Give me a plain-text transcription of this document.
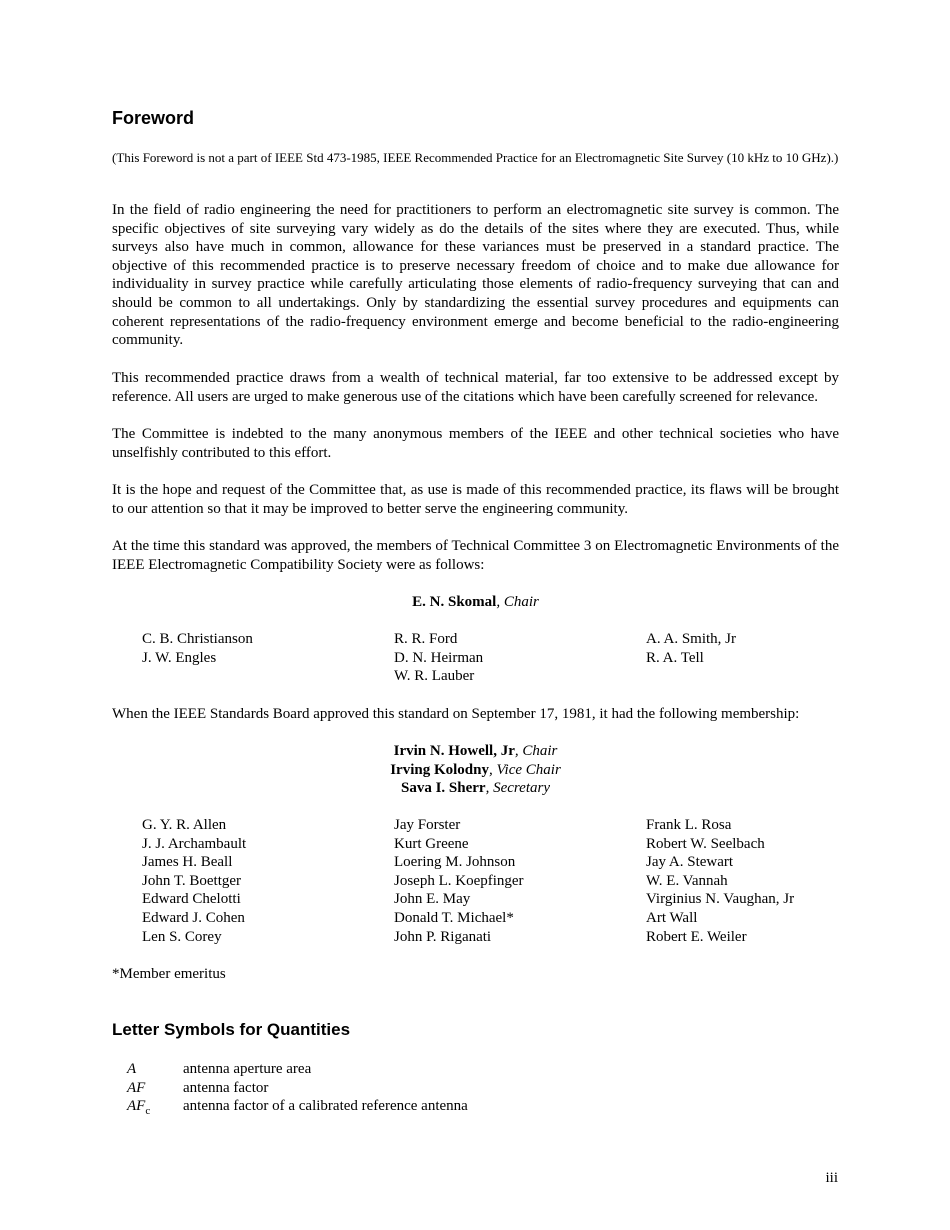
Foreword
(This Foreword is not a part of IEEE Std 473-1985, IEEE Recommended Practice for an Electromagnetic Site Survey (10 kHz to 10 GHz).)

In the field of radio engineering the need for practitioners to perform an electromagnetic site survey is common. The specific objectives of site surveying vary widely as do the details of the sites where they are executed. Thus, while surveys also have much in common, allowance for these variances must be preserved in a standard practice. The objective of this recommended practice is to preserve necessary freedom of choice and to make due allowance for individuality in survey practice while carefully articulating those elements of radio-frequency surveying that can and should be common to all undertakings. Only by standardizing the essential survey procedures and equipments can coherent representations of the radio-frequency environment emerge and become beneficial to the radio-engineering community.

This recommended practice draws from a wealth of technical material, far too extensive to be addressed except by reference. All users are urged to make generous use of the citations which have been carefully screened for relevance.

The Committee is indebted to the many anonymous members of the IEEE and other technical societies who have unselfishly contributed to this effort.

It is the hope and request of the Committee that, as use is made of this recommended practice, its flaws will be brought to our attention so that it may be improved to better serve the engineering community.

At the time this standard was approved, the members of Technical Committee 3 on Electromagnetic Environments of the IEEE Electromagnetic Compatibility Society were as follows:

E. N. Skomal, Chair
C. B. Christianson
J. W. Engles
R. R. Ford
D. N. Heirman
W. R. Lauber
A. A. Smith, Jr
R. A. Tell

When the IEEE Standards Board approved this standard on September 17, 1981, it had the following membership:

Irvin N. Howell, Jr, Chair
Irving Kolodny, Vice Chair
Sava I. Sherr, Secretary
G. Y. R. Allen
J. J. Archambault
James H. Beall
John T. Boettger
Edward Chelotti
Edward J. Cohen
Len S. Corey
Jay Forster
Kurt Greene
Loering M. Johnson
Joseph L. Koepfinger
John E. May
Donald T. Michael*
John P. Riganati
Frank L. Rosa
Robert W. Seelbach
Jay A. Stewart
W. E. Vannah
Virginius N. Vaughan, Jr
Art Wall
Robert E. Weiler
*Member emeritus
Letter Symbols for Quantities
A	antenna aperture area
AF	antenna factor
$AF_c$ antenna factor of a calibrated reference antenna
iii
